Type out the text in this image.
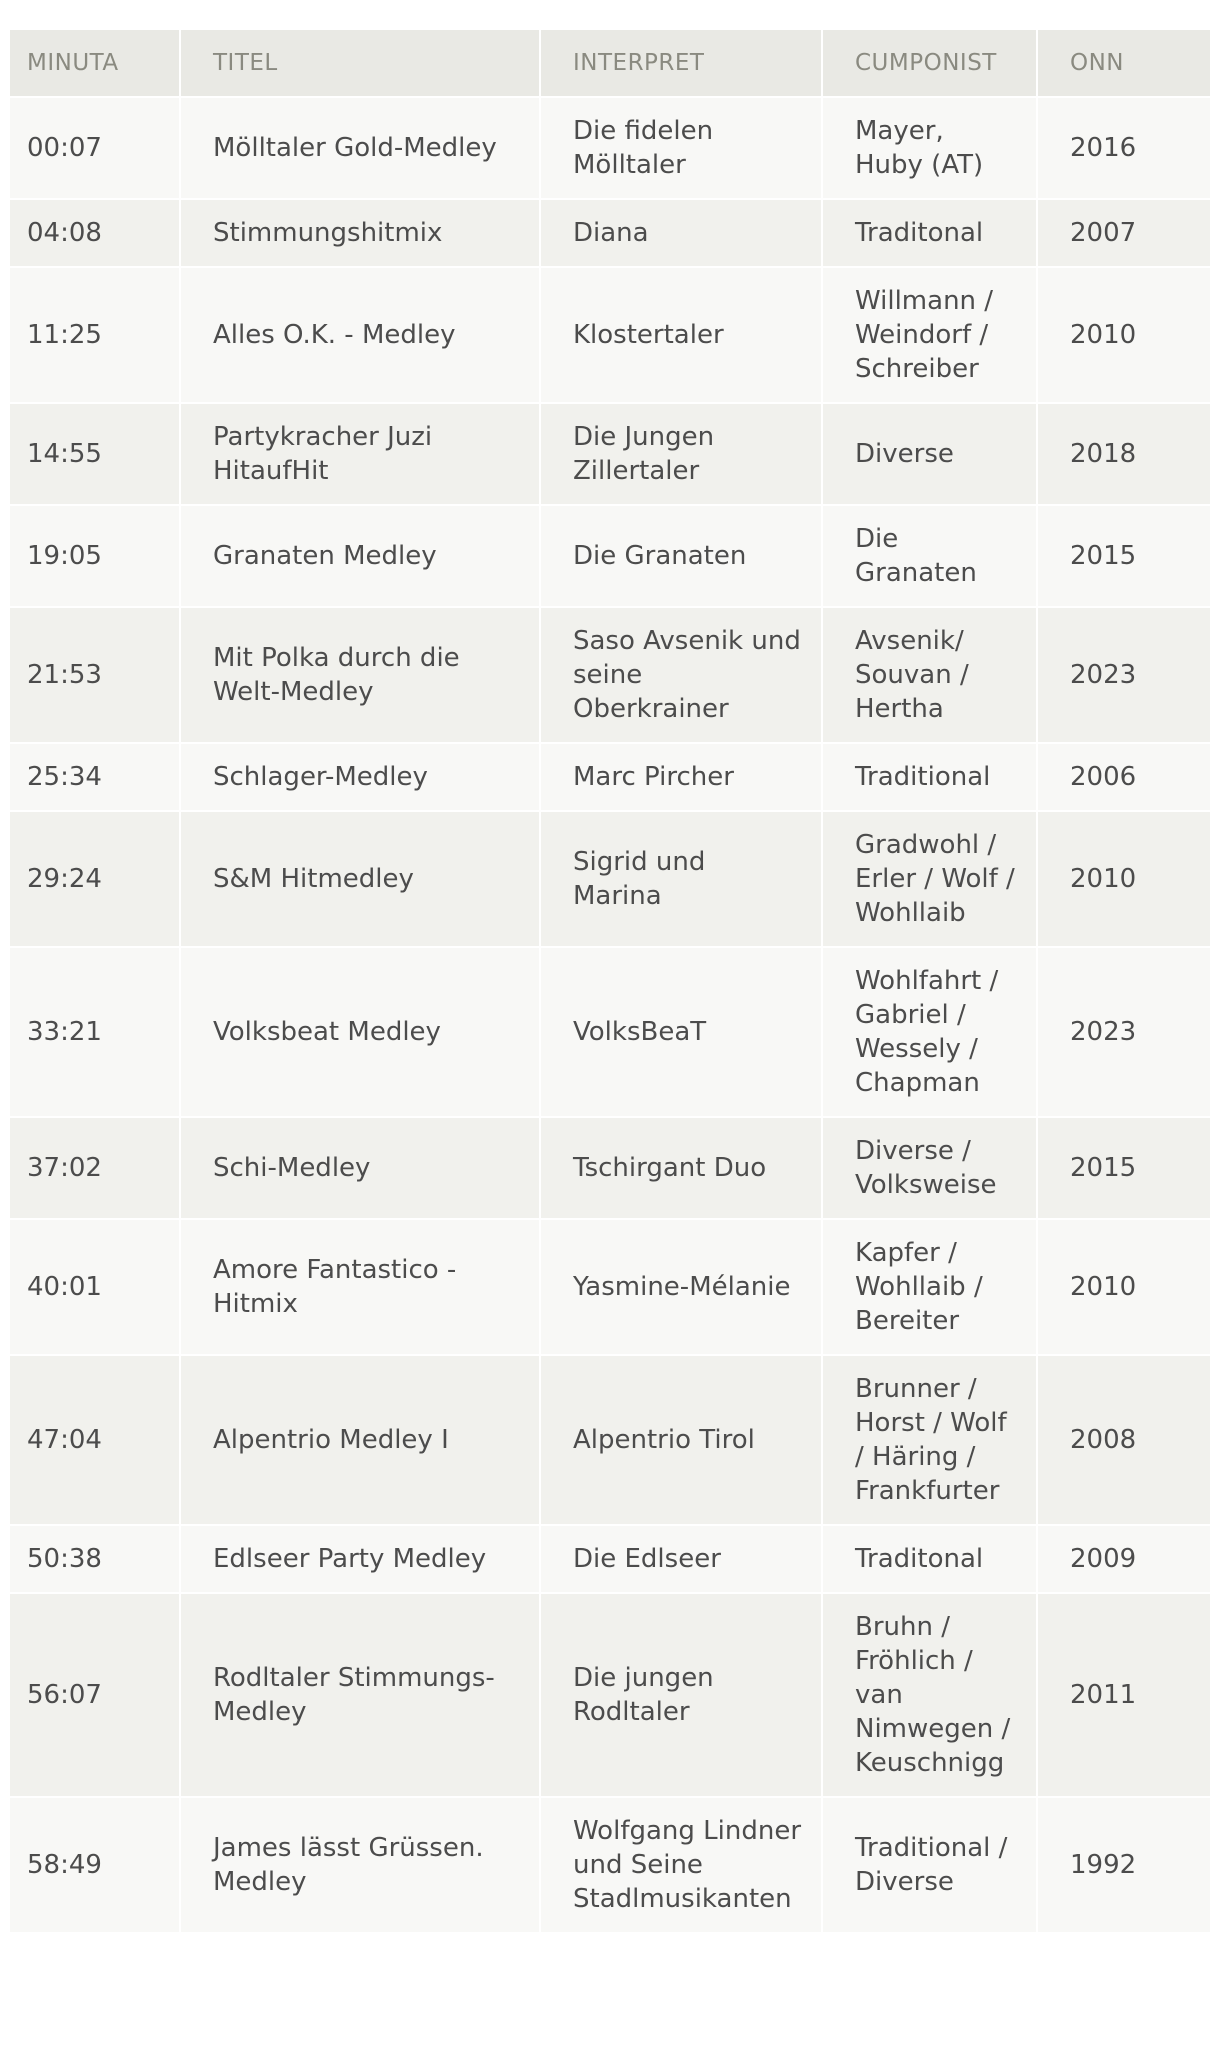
MINUTA	TITEL	INTERPRET	CUMPONIST	ONN
00:07	Mölltaler Gold-Medley	Die fidelen Mölltaler	Mayer, Huby (AT)	2016
04:08	Stimmungshitmix	Diana	Traditonal	2007
11:25	Alles O.K. - Medley	Klostertaler	Willmann / Weindorf / Schreiber	2010
14:55	Partykracher Juzi HitaufHit	Die Jungen Zillertaler	Diverse	2018
19:05	Granaten Medley	Die Granaten	Die Granaten	2015
21:53	Mit Polka durch die Welt-Medley	Saso Avsenik und seine Oberkrainer	Avsenik/ Souvan / Hertha	2023
25:34	Schlager-Medley	Marc Pircher	Traditional	2006
29:24	S&M Hitmedley	Sigrid und Marina	Gradwohl / Erler / Wolf / Wohllaib	2010
33:21	Volksbeat Medley	VolksBeaT	Wohlfahrt / Gabriel / Wessely / Chapman	2023
37:02	Schi-Medley	Tschirgant Duo	Diverse / Volksweise	2015
40:01	Amore Fantastico - Hitmix	Yasmine-Mélanie	Kapfer / Wohllaib / Bereiter	2010
47:04	Alpentrio Medley I	Alpentrio Tirol	Brunner / Horst / Wolf / Häring / Frankfurter	2008
50:38	Edlseer Party Medley	Die Edlseer	Traditonal	2009
56:07	Rodltaler Stimmungs-Medley	Die jungen Rodltaler	Bruhn / Fröhlich / van Nimwegen / Keuschnigg	2011
58:49	James lässt Grüssen. Medley	Wolfgang Lindner und Seine Stadlmusikanten	Traditional / Diverse	1992
